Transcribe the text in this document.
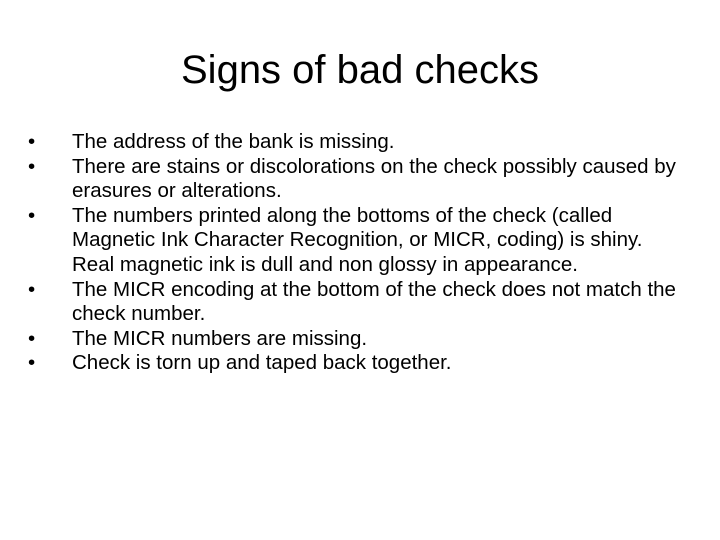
Signs of bad checks
•	The address of the bank is missing.
•	There are stains or discolorations on the check possibly caused by erasures or alterations.
•	The numbers printed along the bottoms of the check (called Magnetic Ink Character Recognition, or MICR, coding) is shiny. Real magnetic ink is dull and non glossy in appearance.
•	The MICR encoding at the bottom of the check does not match the check number.
•	The MICR numbers are missing.
•	Check is torn up and taped back together.
